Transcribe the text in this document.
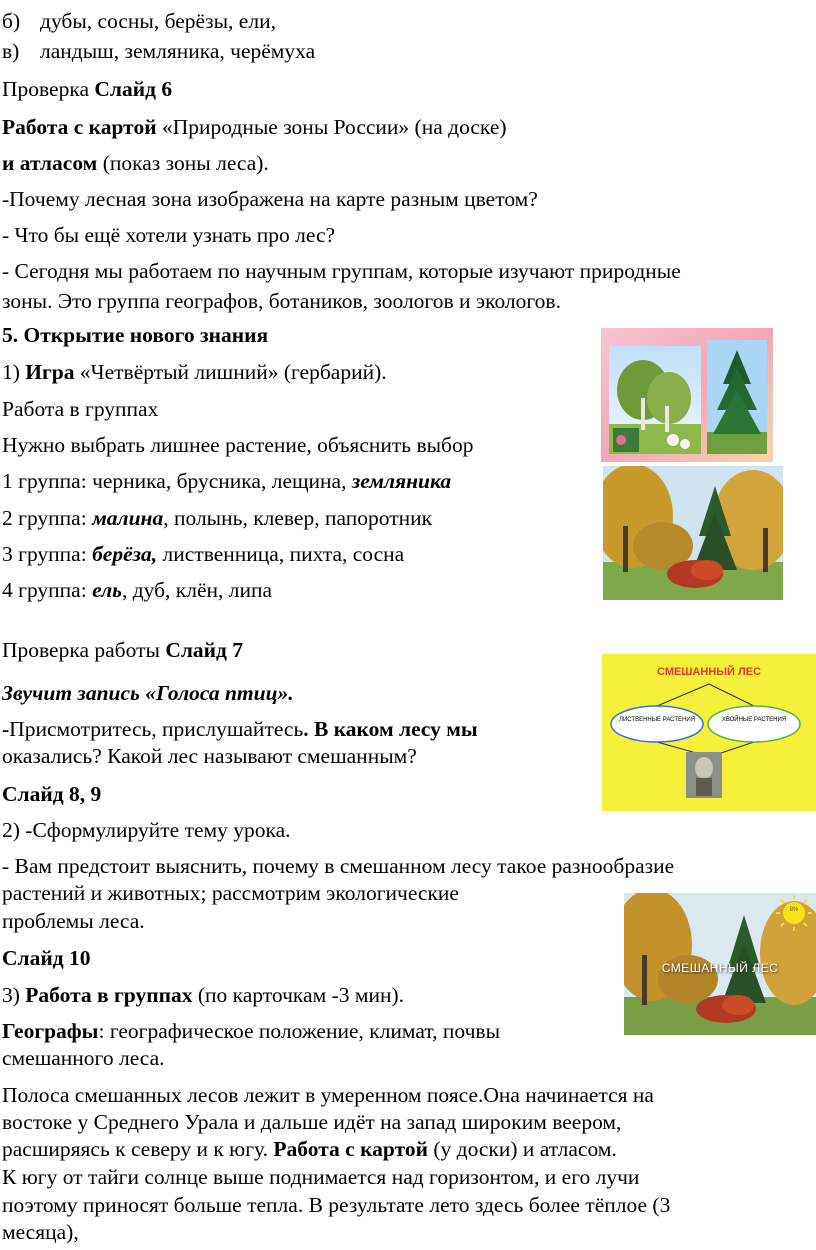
б) дубы, сосны, берёзы, ели,
в) ландыш, земляника, черёмуха
Проверка Слайд 6
Работа с картой «Природные зоны России» (на доске)
и атласом (показ зоны леса).
-Почему лесная зона изображена на карте разным цветом?
- Что бы ещё хотели узнать про лес?
- Сегодня мы работаем по научным группам, которые изучают природные
зоны. Это группа географов, ботаников, зоологов и экологов.
5. Открытие нового знания
1) Игра «Четвёртый лишний» (гербарий).
Работа в группах
Нужно выбрать лишнее растение, объяснить выбор
1 группа: черника, брусника, лещина, земляника
2 группа: малина, полынь, клевер, папоротник
3 группа: берёза, лиственница, пихта, сосна
4 группа: ель, дуб, клён, липа
Проверка работы Слайд 7
Звучит запись «Голоса птиц».
-Присмотритесь, прислушайтесь. В каком лесу мы
оказались? Какой лес называют смешанным?
Слайд 8, 9
2) -Сформулируйте тему урока.
- Вам предстоит выяснить, почему в смешанном лесу такое разнообразие
растений и животных; рассмотрим экологические
проблемы леса.
Слайд 10
3) Работа в группах (по карточкам -3 мин).
Географы: географическое положение, климат, почвы
смешанного леса.
Полоса смешанных лесов лежит в умеренном поясе.Она начинается на
востоке у Среднего Урала и дальше идёт на запад широким веером,
расширяясь к северу и к югу. Работа с картой (у доски) и атласом.
К югу от тайги солнце выше поднимается над горизонтом, и его лучи
поэтому приносят больше тепла. В результате лето здесь более тёплое (3
месяца),
СМЕШАННЫЙ ЛЕС
ЛИСТВЕННЫЕ РАСТЕНИЯ	ХВОЙНЫЕ РАСТЕНИЯ
8%
СМЕШАННЫЙ ЛЕС
